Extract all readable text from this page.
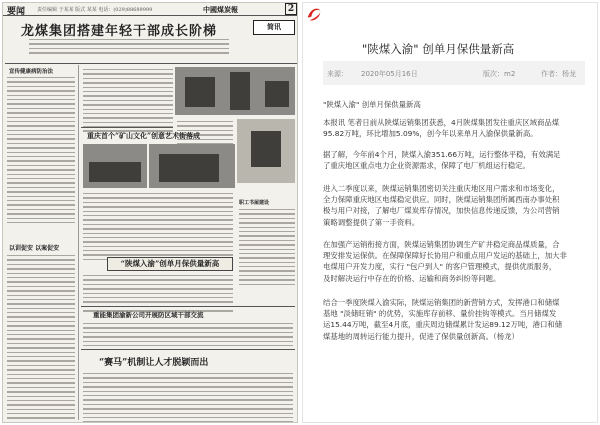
要闻 责任编辑 于某某 版式 某某 电话：(029)88689999	中國煤炭報	2
龙煤集团搭建年轻干部成长阶梯	简讯
宣传健康病防治法
以训促安 以案促安
重庆首个“矿山文化”创意艺术街落成
职工书屋建设
“陕煤入渝”创单月保供量新高
重能集团渝新公司开展防区域干部交流
“赛马”机制让人才脱颖而出
"陕煤入渝" 创单月保供量新高
来源： 2020年05月16日	版次：m2	作者：杨龙

"陕煤入渝" 创单月保供量新高

本报讯 笔者日前从陕煤运销集团获悉，4月陕煤集团发往重庆区域商品煤

95.82万吨，环比增加5.09%，创今年以来单月入渝保供量新高。

据了解，今年前4个月，陕煤入渝351.66万吨，运行整体平稳，有效满足

了重庆地区重点电力企业资源需求，保障了电厂机组运行稳定。

进入二季度以来，陕煤运销集团密切关注重庆地区用户需求和市场变化，

全力保障重庆地区电煤稳定供应。同时，陕煤运销集团所属西南办事处积

极与用户对接，了解电厂煤炭库存情况，加快信息传递反馈，为公司营销

策略调整提供了第一手资料。

在加强产运销衔接方面，陕煤运销集团协调生产矿井稳定商品煤质量，合

理安排发运保供。在保障保障好长协用户和重点用户发运的基础上，加大非

电煤用户开发力度，实行 "包户到人" 的客户管理模式，提供优质服务，

及时解决运行中存在的价格、运输和商务纠纷等问题。

结合一季度陕煤入渝实际，陕煤运销集团的新营销方式，发挥港口和储煤

基地 "淡储旺销" 的优势，实施库存前移、量价挂钩等模式。当月储煤发

运15.44万吨，截至4月底，重庆周边储煤累计发运89.12万吨，港口和储

煤基地的周转运行能力提升，促进了保供量创新高。（杨龙）
